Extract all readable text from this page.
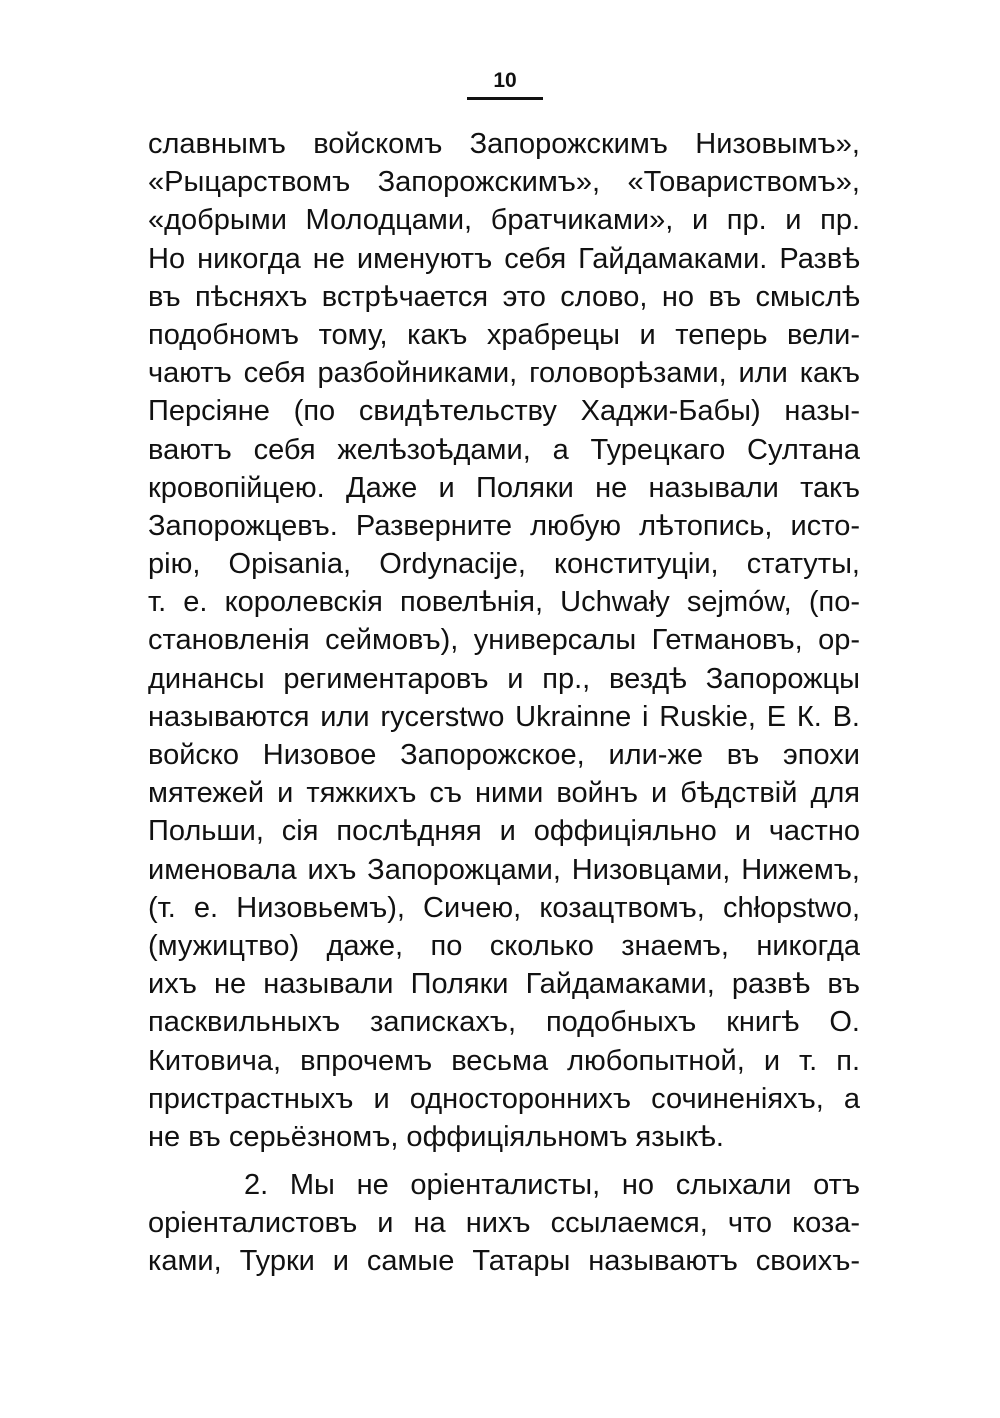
10
славнымъ войскомъ Запорожскимъ Низовымъ»,
«Рыцарствомъ Запорожскимъ», «Товариствомъ»,
«добрыми Молодцами, братчиками», и пр. и пр.
Но никогда не именуютъ себя Гайдамаками. Развѣ
въ пѣсняхъ встрѣчается это слово, но въ смыслѣ
подобномъ тому, какъ храбрецы и теперь вели-
чаютъ себя разбойниками, головорѣзами, или какъ
Персіяне (по свидѣтельству Хаджи-Бабы) назы-
ваютъ себя желѣзоѣдами, а Турецкаго Султана
кровопійцею. Даже и Поляки не называли такъ
Запорожцевъ. Разверните любую лѣтопись, исто-
рію, Opisania, Ordynacije, конституціи, статуты,
т. е. королевскія повелѣнія, Uchwały sejmów, (по-
становленія сеймовъ), универсалы Гетмановъ, ор-
динансы региментаровъ и пр., вездѣ Запорожцы
называются или rycerstwo Ukrainne i Ruskie, Е К. В.
войско Низовое Запорожское, или-же въ эпохи
мятежей и тяжкихъ съ ними войнъ и бѣдствій для
Польши, сія послѣдняя и оффиціяльно и частно
именовала ихъ Запорожцами, Низовцами, Нижемъ,
(т. е. Низовьемъ), Сичею, козацтвомъ, chłopstwo,
(мужицтво) даже, по сколько знаемъ, никогда
ихъ не называли Поляки Гайдамаками, развѣ въ
пасквильныхъ запискахъ, подобныхъ книгѣ О.
Китовича, впрочемъ весьма любопытной, и т. п.
пристрастныхъ и одностороннихъ сочиненіяхъ, а
не въ серьёзномъ, оффиціяльномъ языкѣ.
2. Мы не оріенталисты, но слыхали отъ
оріенталистовъ и на нихъ ссылаемся, что коза-
ками, Турки и самые Татары называютъ своихъ-
